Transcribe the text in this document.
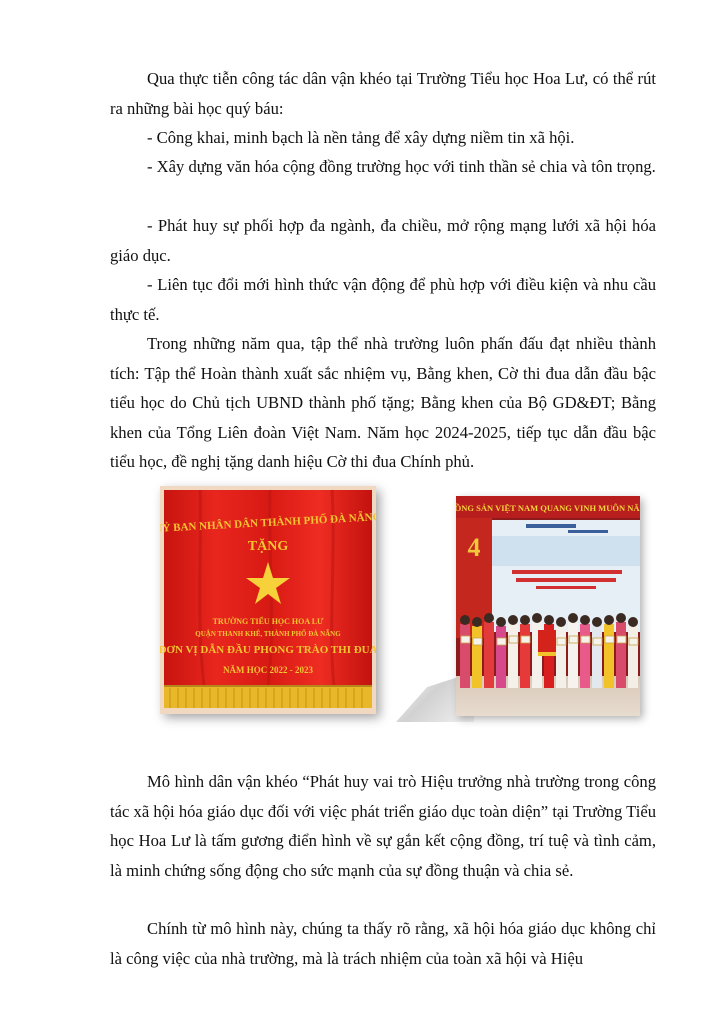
Qua thực tiễn công tác dân vận khéo tại Trường Tiểu học Hoa Lư, có thể rút ra những bài học quý báu:

- Công khai, minh bạch là nền tảng để xây dựng niềm tin xã hội.

- Xây dựng văn hóa cộng đồng trường học với tinh thần sẻ chia và tôn trọng.

- Phát huy sự phối hợp đa ngành, đa chiều, mở rộng mạng lưới xã hội hóa giáo dục.

- Liên tục đổi mới hình thức vận động để phù hợp với điều kiện và nhu cầu thực tế.

Trong những năm qua, tập thể nhà trường luôn phấn đấu đạt nhiều thành tích: Tập thể Hoàn thành xuất sắc nhiệm vụ, Bằng khen, Cờ thi đua dẫn đầu bậc tiểu học do Chủ tịch UBND thành phố tặng; Bằng khen của Bộ GD&ĐT; Bằng khen của Tổng Liên đoàn Việt Nam. Năm học 2024-2025, tiếp tục dẫn đầu bậc tiểu học, đề nghị tặng danh hiệu Cờ thi đua Chính phủ.

UỶ BAN NHÂN DÂN THÀNH PHỐ ĐÀ NẴNG
TẶNG
TRƯỜNG TIỂU HỌC HOA LƯ
QUẬN THANH KHÊ, THÀNH PHỐ ĐÀ NẴNG
ĐƠN VỊ DẪN ĐẦU PHONG TRÀO THI ĐUA
NĂM HỌC 2022 - 2023
ĐỒNG SẢN VIỆT NAM QUANG VINH MUÔN NĂM
4

Mô hình dân vận khéo “Phát huy vai trò Hiệu trưởng nhà trường trong công tác xã hội hóa giáo dục đối với việc phát triển giáo dục toàn diện” tại Trường Tiểu học Hoa Lư là tấm gương điển hình về sự gắn kết cộng đồng, trí tuệ và tình cảm, là minh chứng sống động cho sức mạnh của sự đồng thuận và chia sẻ.

Chính từ mô hình này, chúng ta thấy rõ rằng, xã hội hóa giáo dục không chỉ là công việc của nhà trường, mà là trách nhiệm của toàn xã hội và Hiệu
